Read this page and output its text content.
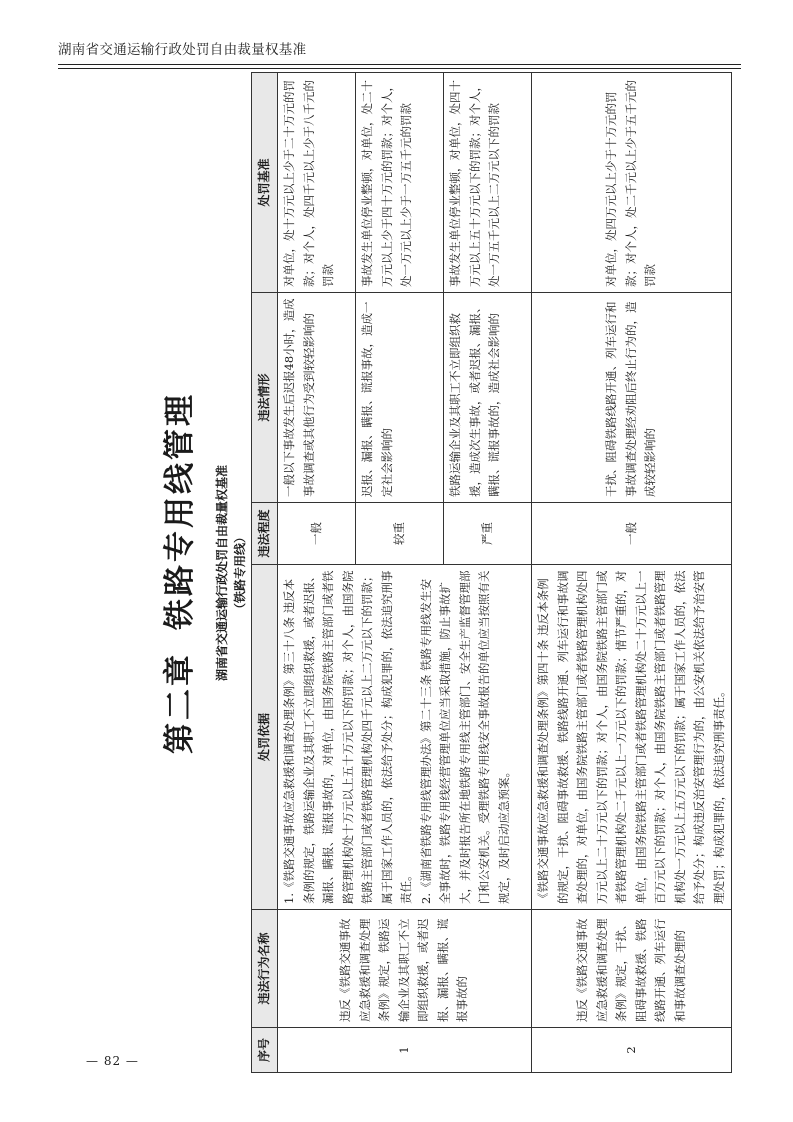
湖南省交通运输行政处罚自由裁量权基准
第二章铁路专用线管理	湖南省交通运输行政处罚自由裁量权基准 （铁路专用线）
序号	违法行为名称	处罚依据	违法程度	违法情形	处罚基准
1	违反《铁路交通事故应急救援和调查处理条例》规定，铁路运输企业及其职工不立即组织救援，或者迟报、漏报、瞒报、谎报事故的	1.《铁路交通事故应急救援和调查处理条例》第三十八条 违反本条例的规定，铁路运输企业及其职工不立即组织救援，或者迟报、漏报、瞒报、谎报事故的，对单位，由国务院铁路主管部门或者铁路管理机构处十万元以上五十万元以下的罚款；对个人，由国务院铁路主管部门或者铁路管理机构处四千元以上二万元以下的罚款；属于国家工作人员的，依法给予处分；构成犯罪的，依法追究刑事责任。 2.《湖南省铁路专用线管理办法》第二十三条 铁路专用线发生安全事故时，铁路专用线经营管理单位应当采取措施，防止事故扩大，并及时报告所在地铁路专用线主管部门、安全生产监督管理部门和公安机关。受理铁路专用线安全事故报告的单位应当按照有关规定，及时启动应急预案。	一般	一般以下事故发生后迟报48小时，造成事故调查或其他行为受到较轻影响的	对单位，处十万元以上少于二十万元的罚款；对个人，处四千元以上少于八千元的罚款
			较重	迟报、漏报、瞒报、谎报事故，造成一定社会影响的	事故发生单位停业整顿，对单位，处二十万元以上少于四十万元的罚款；对个人，处一万元以上少于一万五千元的罚款
			严重	铁路运输企业及其职工不立即组织救援，造成次生事故，或者迟报、漏报、瞒报、谎报事故的，造成社会影响的	事故发生单位停业整顿，对单位，处四十万元以上五十万元以下的罚款；对个人，处一万五千元以上二万元以下的罚款
2	违反《铁路交通事故应急救援和调查处理条例》规定，干扰、阻碍事故救援、铁路线路开通、列车运行和事故调查处理的	《铁路交通事故应急救援和调查处理条例》第四十条 违反本条例的规定，干扰、阻碍事故救援、铁路线路开通、列车运行和事故调查处理的，对单位，由国务院铁路主管部门或者铁路管理机构处四万元以上二十万元以下的罚款；对个人，由国务院铁路主管部门或者铁路管理机构处二千元以上一万元以下的罚款；情节严重的，对单位，由国务院铁路主管部门或者铁路管理机构处二十万元以上一百万元以下的罚款；对个人，由国务院铁路主管部门或者铁路管理机构处一万元以上五万元以下的罚款；属于国家工作人员的，依法给予处分；构成违反治安管理行为的，由公安机关依法给予治安管理处罚；构成犯罪的，依法追究刑事责任。	一般	干扰、阻碍铁路线路开通、列车运行和事故调查处理经劝阻后终止行为的，造成较轻影响的	对单位，处四万元以上少于十万元的罚款；对个人，处二千元以上少于五千元的罚款
— 82 —
